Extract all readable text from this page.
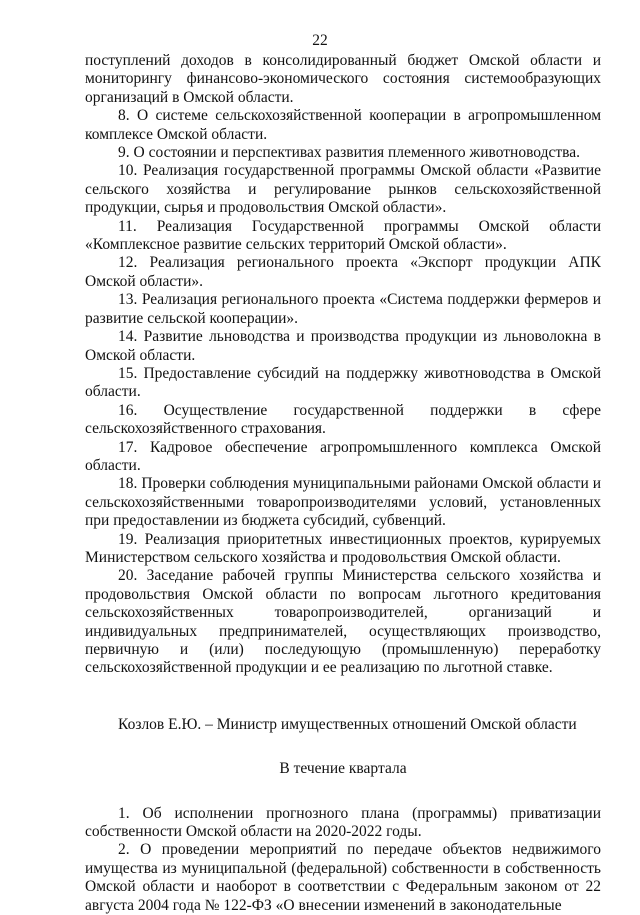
22

поступлений доходов в консолидированный бюджет Омской области и мониторингу финансово-экономического состояния системообразующих организаций в Омской области.

8. О системе сельскохозяйственной кооперации в агропромышленном комплексе Омской области.

9. О состоянии и перспективах развития племенного животноводства.

10. Реализация государственной программы Омской области «Развитие сельского хозяйства и регулирование рынков сельскохозяйственной продукции, сырья и продовольствия Омской области».

11. Реализация Государственной программы Омской области «Комплексное развитие сельских территорий Омской области».

12. Реализация регионального проекта «Экспорт продукции АПК Омской области».

13. Реализация регионального проекта «Система поддержки фермеров и развитие сельской кооперации».

14. Развитие льноводства и производства продукции из льноволокна в Омской области.

15. Предоставление субсидий на поддержку животноводства в Омской области.

16. Осуществление государственной поддержки в сфере сельскохозяйственного страхования.

17. Кадровое обеспечение агропромышленного комплекса Омской области.

18. Проверки соблюдения муниципальными районами Омской области и сельскохозяйственными товаропроизводителями условий, установленных при предоставлении из бюджета субсидий, субвенций.

19. Реализация приоритетных инвестиционных проектов, курируемых Министерством сельского хозяйства и продовольствия Омской области.

20. Заседание рабочей группы Министерства сельского хозяйства и продовольствия Омской области по вопросам льготного кредитования сельскохозяйственных товаропроизводителей, организаций и индивидуальных предпринимателей, осуществляющих производство, первичную и (или) последующую (промышленную) переработку сельскохозяйственной продукции и ее реализацию по льготной ставке.

Козлов Е.Ю. – Министр имущественных отношений Омской области

В течение квартала

1. Об исполнении прогнозного плана (программы) приватизации собственности Омской области на 2020-2022 годы.

2. О проведении мероприятий по передаче объектов недвижимого имущества из муниципальной (федеральной) собственности в собственность Омской области и наоборот в соответствии с Федеральным законом от 22 августа 2004 года № 122-ФЗ «О внесении изменений в законодательные
